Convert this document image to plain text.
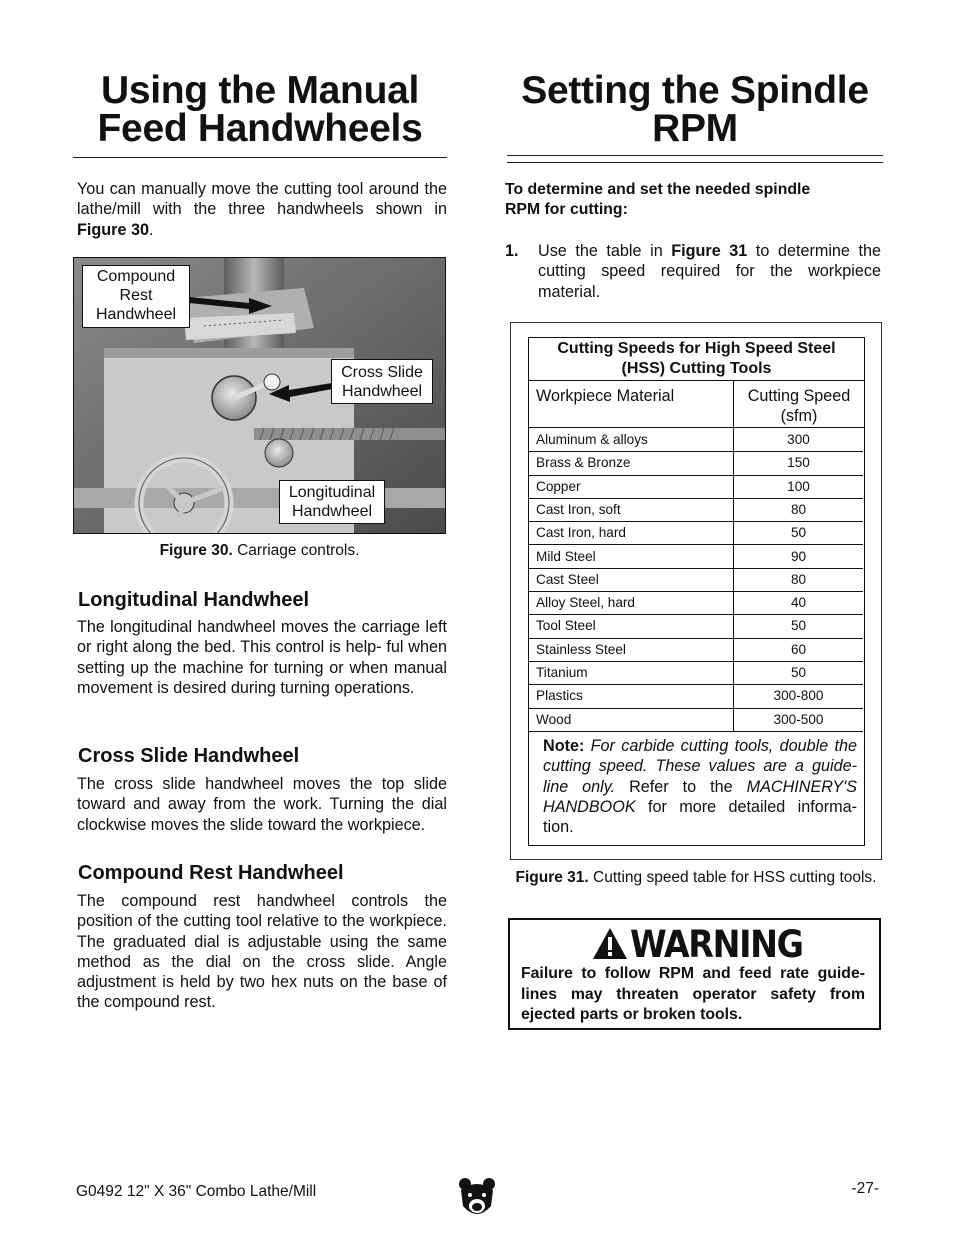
Using the Manual
Feed Handwheels
You can manually move the cutting tool around the lathe/mill with the three handwheels shown in Figure 30.
Compound
Rest
Handwheel
Cross Slide
Handwheel
Longitudinal
Handwheel
Figure 30. Carriage controls.
Longitudinal Handwheel
The longitudinal handwheel moves the carriage left or right along the bed. This control is help- ful when setting up the machine for turning or when manual movement is desired during turning operations.
Cross Slide Handwheel
The cross slide handwheel moves the top slide toward and away from the work. Turning the dial clockwise moves the slide toward the workpiece.
Compound Rest Handwheel
The compound rest handwheel controls the position of the cutting tool relative to the workpiece. The graduated dial is adjustable using the same method as the dial on the cross slide. Angle adjustment is held by two hex nuts on the base of the compound rest.
Setting the Spindle
RPM
To determine and set the needed spindle
RPM for cutting:
1. Use the table in Figure 31 to determine the cutting speed required for the workpiece material.
Cutting Speeds for High Speed Steel
(HSS) Cutting Tools
Workpiece Material	Cutting Speed
(sfm)
Aluminum & alloys	300
Brass & Bronze	150
Copper	100
Cast Iron, soft	80
Cast Iron, hard	50
Mild Steel	90
Cast Steel	80
Alloy Steel, hard	40
Tool Steel	50
Stainless Steel	60
Titanium	50
Plastics	300-800
Wood	300-500
Note: For carbide cutting tools, double the cutting speed. These values are a guide- line only. Refer to the MACHINERY'S HANDBOOK for more detailed informa- tion.
Figure 31. Cutting speed table for HSS cutting tools.
WARNING
Failure to follow RPM and feed rate guide- lines may threaten operator safety from ejected parts or broken tools.
G0492 12" X 36" Combo Lathe/Mill	-27-
